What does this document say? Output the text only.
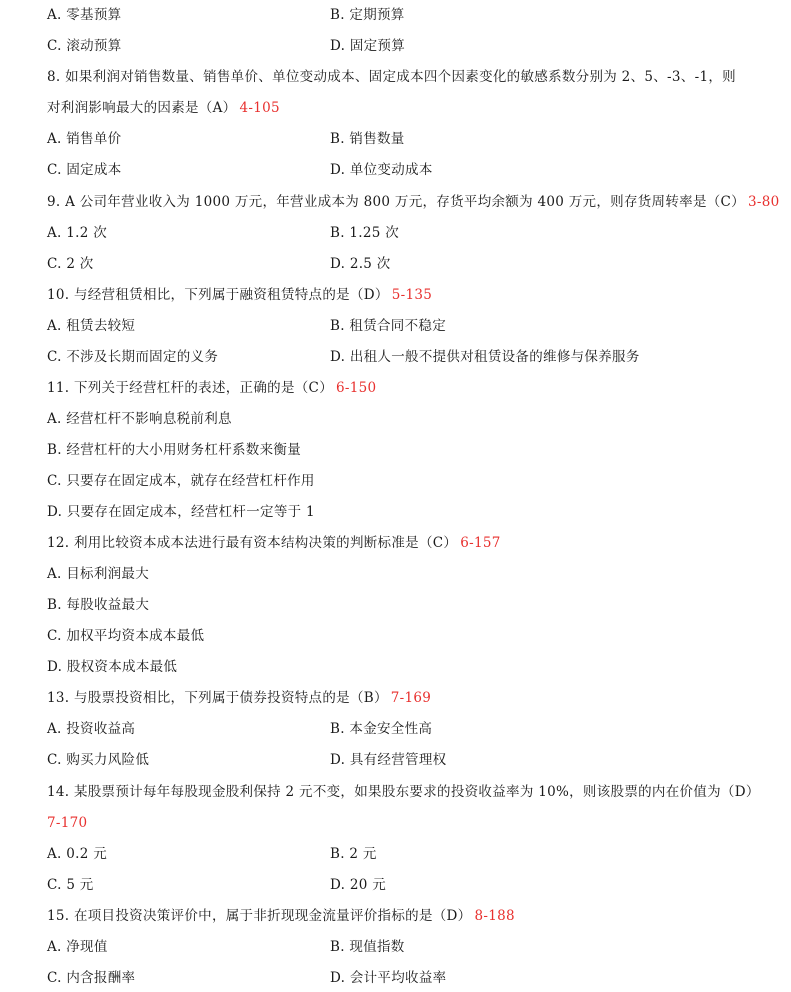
A. 零基预算	B. 定期预算
C. 滚动预算	D. 固定预算
8. 如果利润对销售数量、销售单价、单位变动成本、固定成本四个因素变化的敏感系数分别为 2、5、-3、-1，则
对利润影响最大的因素是（A） 4-105
A. 销售单价	B. 销售数量
C. 固定成本	D. 单位变动成本
9. A 公司年营业收入为 1000 万元，年营业成本为 800 万元，存货平均余额为 400 万元，则存货周转率是（C） 3-80
A. 1.2 次	B. 1.25 次
C. 2 次	D. 2.5 次
10. 与经营租赁相比，下列属于融资租赁特点的是（D） 5-135
A. 租赁去较短	B. 租赁合同不稳定
C. 不涉及长期而固定的义务	D. 出租人一般不提供对租赁设备的维修与保养服务
11. 下列关于经营杠杆的表述，正确的是（C） 6-150
A. 经营杠杆不影响息税前利息
B. 经营杠杆的大小用财务杠杆系数来衡量
C. 只要存在固定成本，就存在经营杠杆作用
D. 只要存在固定成本，经营杠杆一定等于 1
12. 利用比较资本成本法进行最有资本结构决策的判断标准是（C） 6-157
A. 目标利润最大
B. 每股收益最大
C. 加权平均资本成本最低
D. 股权资本成本最低
13. 与股票投资相比，下列属于债券投资特点的是（B） 7-169
A. 投资收益高	B. 本金安全性高
C. 购买力风险低	D. 具有经营管理权
14. 某股票预计每年每股现金股利保持 2 元不变，如果股东要求的投资收益率为 10%，则该股票的内在价值为（D）
7-170
A. 0.2 元	B. 2 元
C. 5 元	D. 20 元
15. 在项目投资决策评价中，属于非折现现金流量评价指标的是（D） 8-188
A. 净现值	B. 现值指数
C. 内含报酬率	D. 会计平均收益率
